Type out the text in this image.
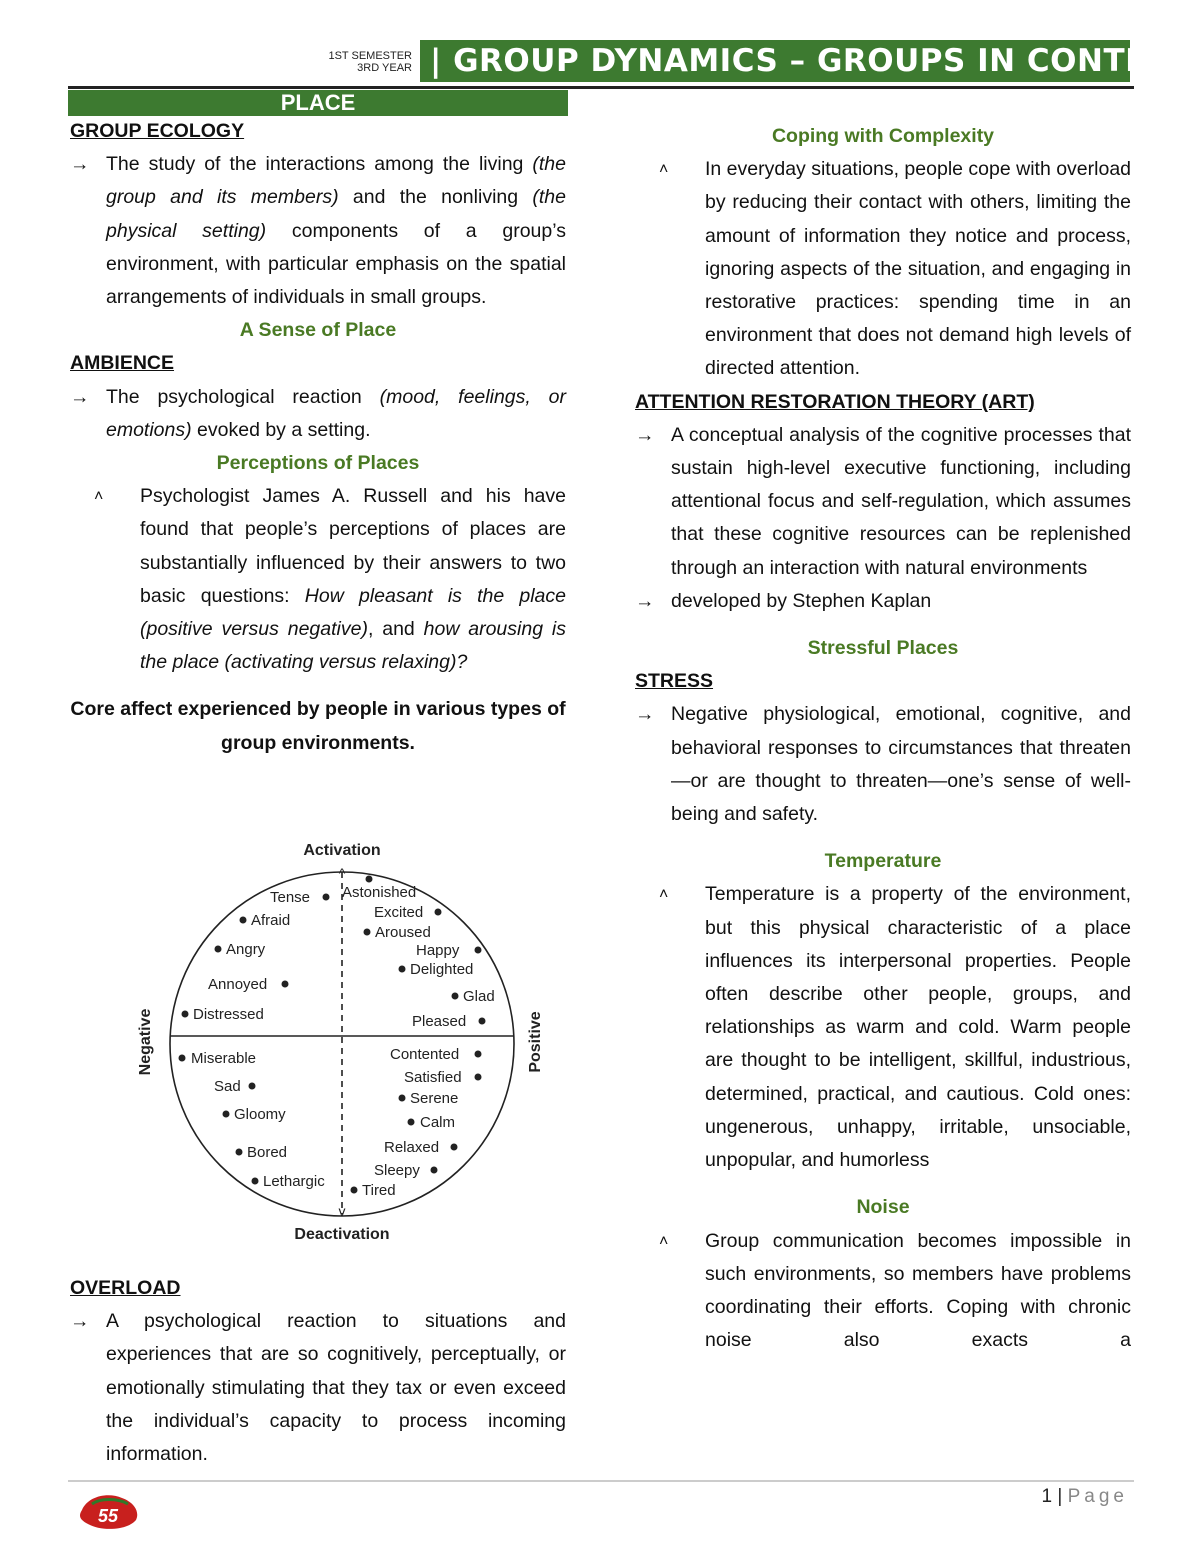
1ST SEMESTER
3RD YEAR | GROUP DYNAMICS – GROUPS IN CONTEXT
PLACE
GROUP ECOLOGY
→ The study of the interactions among the living (the group and its members) and the nonliving (the physical setting) components of a group’s environment, with particular emphasis on the spatial arrangements of individuals in small groups.
A Sense of Place
AMBIENCE
→ The psychological reaction (mood, feelings, or emotions) evoked by a setting.
Perceptions of Places
˄	Psychologist James A. Russell and his have found that people’s perceptions of places are substantially influenced by their answers to two basic questions: How pleasant is the place (positive versus negative), and how arousing is the place (activating versus relaxing)?
Core affect experienced by people in various types of group environments.
Activation
Deactivation
Negative	Positive
^
v
Tense Astonished
Afraid	Excited
Aroused
Angry	Happy
Delighted
Annoyed
Glad
Distressed	Pleased
Miserable	Contented
Satisfied
Sad
Serene
Gloomy	Calm
Relaxed
Bored
Sleepy
Lethargic
Tired
OVERLOAD
→ A psychological reaction to situations and experiences that are so cognitively, perceptually, or emotionally stimulating that they tax or even exceed the individual’s capacity to process incoming information.
Coping with Complexity
˄	In everyday situations, people cope with overload by reducing their contact with others, limiting the amount of information they notice and process, ignoring aspects of the situation, and engaging in restorative practices: spending time in an environment that does not demand high levels of directed attention.
ATTENTION RESTORATION THEORY (ART)
→ A conceptual analysis of the cognitive processes that sustain high-level executive functioning, including attentional focus and self-regulation, which assumes that these cognitive resources can be replenished through an interaction with natural environments
→ developed by Stephen Kaplan
Stressful Places
STRESS
→ Negative physiological, emotional, cognitive, and behavioral responses to circumstances that threaten—or are thought to threaten—one’s sense of well-being and safety.
Temperature
˄	Temperature is a property of the environment, but this physical characteristic of a place influences its interpersonal properties. People often describe other people, groups, and relationships as warm and cold. Warm people are thought to be intelligent, skillful, industrious, determined, practical, and cautious. Cold ones: ungenerous, unhappy, irritable, unsociable, unpopular, and humorless
Noise
˄	Group communication becomes impossible in such environments, so members have problems coordinating their efforts. Coping with chronic noise also exacts a
55
1 | Page
